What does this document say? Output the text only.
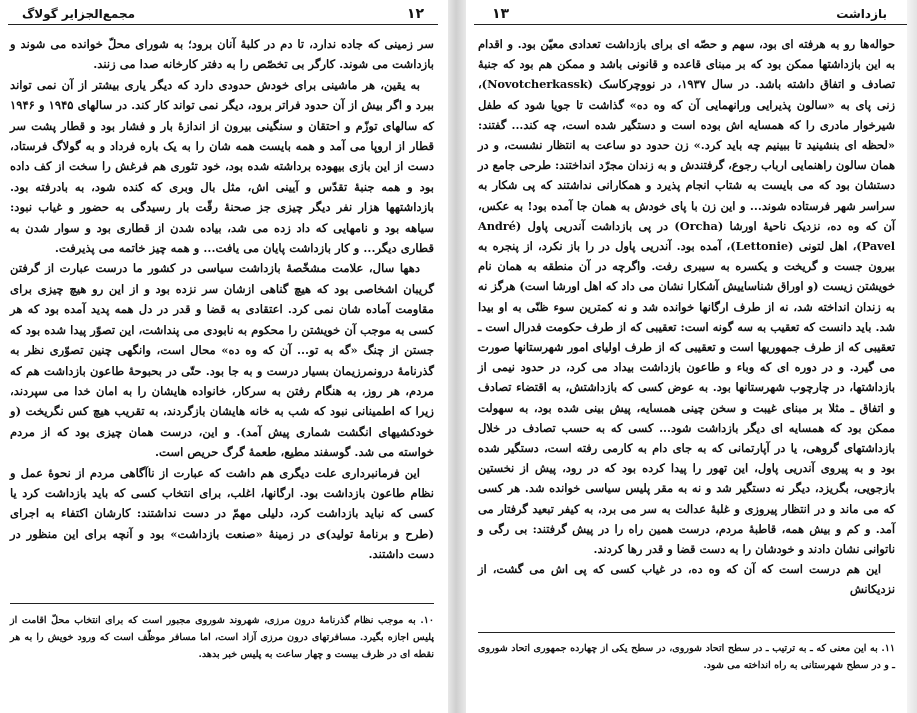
۱۲
مجمع‌الجزایر گولاگ

سر زمینی که جاده ندارد، تا دم در کلبهٔ آنان برود؛ به شورای محلّ خوانده می شوند و بازداشت می شوند. کارگر بی تخصّص را به دفتر کارخانه صدا می زنند.

به یقین، هر ماشینی برای خودش حدودی دارد که دیگر یاری بیشتر از آن نمی تواند ببرد و اگر بیش از آن حدود فراتر برود، دیگر نمی تواند کار کند. در سالهای ۱۹۴۵ و ۱۹۴۶ که سالهای توزّم و احتقان و سنگینی بیرون از اندازهٔ بار و فشار بود و قطار پشت سر قطار از اروپا می آمد و همه بایست همه شان را به یک باره فرداد و به گولاگ فرستاد، دست از این بازی بیهوده برداشته شده بود، خود تئوری هم فرغش را سخت از کف داده بود و همه جنبهٔ تقدّس و آیینی اش، مثل بال وبری که کنده شود، به بادرفته بود. بازداشتهها هزار نفر دیگر چیزی جز صحنهٔ رقّت بار رسیدگی به حضور و غیاب نبود: سیاهه بود و نامهایی که داد زده می شد، بیاده شدن از قطاری بود و سوار شدن به قطاری دیگر... و کار بازداشت پایان می یافت... و همه چیز خاتمه می پذیرفت.

دهها سال، علامت مشخّصهٔ بازداشت سیاسی در کشور ما درست عبارت از گرفتن گریبان اشخاصی بود که هیچ گناهی ازشان سر نزده بود و از این رو هیچ چیزی برای مقاومت آماده شان نمی کرد. اعتقادی به قضا و قدر در دل همه پدید آمده بود که هر کسی به موجب آن خویشتن را محکوم به نابودی می پنداشت، این تصوّر پیدا شده بود که جستن از چنگ «گه به تو... آن که وه ده» محال است، وانگهی چنین تصوّری نظر به گذرنامهٔ درونمرزیمان بسیار درست و به جا بود. حتّی در بحبوحهٔ طاعون بازداشت هم که مردم، هر روز، به هنگام رفتن به سرکار، خانواده هایشان را به امان خدا می سپردند، زیرا که اطمینانی نبود که شب به خانه هایشان بازگردند، به تقریب هیچ کس نگریخت (و خودکشیهای انگشت شماری پیش آمد). و این، درست همان چیزی بود که از مردم خواسته می شد. گوسفند مطیع، طعمهٔ گرگ حریص است.

این فرمانبرداری علت دیگری هم داشت که عبارت از ناآگاهی مردم از نحوهٔ عمل و نظام طاعون بازداشت بود. ارگانها، اغلب، برای انتخاب کسی که باید بازداشت کرد یا کسی که نباید بازداشت کرد، دلیلی مهمّ در دست نداشتند: کارشان اکتفاء به اجرای (طرح و برنامهٔ تولید)ی در زمینهٔ «صنعت بازداشت» بود و آنچه برای این منظور در دست داشتند.

۱۰. به موجب نظام گذرنامهٔ درون مرزی، شهروند شوروی مجبور است که برای انتخاب محلّ اقامت از پلیس اجازه بگیرد. مسافرتهای درون مرزی آزاد است، اما مسافر موظّف است که ورود خویش را به هر نقطه ای در ظرف بیست و چهار ساعت به پلیس خبر بدهد.
۱۳	بازداشت

حواله‌ها رو به هرفته ای بود، سهم و حصّه ای برای بازداشت تعدادی معیّن بود. و اقدام به این بازداشتها ممکن بود که بر مبنای قاعده و قانونی باشد و ممکن هم بود که جنبهٔ تصادف و اتفاق داشته باشد. در سال ۱۹۳۷، در نووچرکاسک (Novotcherkassk)، زنی پای به «سالون پذیرایی ورانهمایی آن که وه ده» گذاشت تا جویا شود که طفل شیرخوار مادری را که همسایه اش بوده است و دستگیر شده است، چه کند... گفتند: «لحظه ای بنشینید تا ببینیم چه باید کرد.» زن حدود دو ساعت به انتظار نشست، و در همان سالون راهنمایی ارباب رجوع، گرفتندش و به زندان مجرّد انداختند: طرحی جامع در دستشان بود که می بایست به شتاب انجام پذیرد و همکارانی نداشتند که پی شکار به سراسر شهر فرستاده شوند... و این زن با پای خودش به همان جا آمده بود! به عکس، آن که وه ده، نزدیک ناحیهٔ اورشا (Orcha) در پی بازداشت آندریی پاول (André Pavel)، اهل لتونی (Lettonie)، آمده بود. آندریی پاول در را باز نکرد، از پنجره به بیرون جست و گریخت و یکسره به سیبری رفت. واگرچه در آن منطقه به همان نام خویشتن زیست (و اوراق شناساییش آشکارا نشان می داد که اهل اورشا است) هرگز نه به زندان انداخته شد، نه از طرف ارگانها خوانده شد و نه کمترین سوء ظنّی به او بیدا شد. باید دانست که تعقیب به سه گونه است: تعقیبی که از طرف حکومت فدرال است ـ تعقیبی که از طرف جمهوریها است و تعقیبی که از طرف اولیای امور شهرستانها صورت می گیرد. و در دوره ای که وباء و طاعون بازداشت بیداد می کرد، در حدود نیمی از بازداشتها، در چارچوب شهرستانها بود. به عوض کسی که بازداشتش، به اقتضاء تصادف و اتفاق ـ مثلا بر مبنای غیبت و سخن چینی همسایه، پیش بینی شده بود، به سهولت ممکن بود که همسایه ای دیگر بازداشت شود... کسی که به حسب تصادف در خلال بازداشتهای گروهی، یا در آپارتمانی که به جای دام به کارمی رفته است، دستگیر شده بود و به پیروی آندریی پاول، این تهور را پیدا کرده بود که در رود، پیش از نخستین بازجویی، بگریزد، دیگر نه دستگیر شد و نه به مقر پلیس سیاسی خوانده شد. هر کسی که می ماند و در انتظار پیروزی و غلبهٔ عدالت به سر می برد، به کیفر تبعید گرفتار می آمد. و کم و بیش همه، قاطبهٔ مردم، درست همین راه را در پیش گرفتند: بی رگی و ناتوانی نشان دادند و خودشان را به دست قضا و قدر رها کردند.

این هم درست است که آن که وه ده، در غیاب کسی که پی اش می گشت، از نزدیکانش

۱۱. به این معنی که ـ به ترتیب ـ در سطح اتحاد شوروی، در سطح یکی از چهارده جمهوری اتحاد شوروی ـ و در سطح شهرستانی به راه انداخته می شود.
